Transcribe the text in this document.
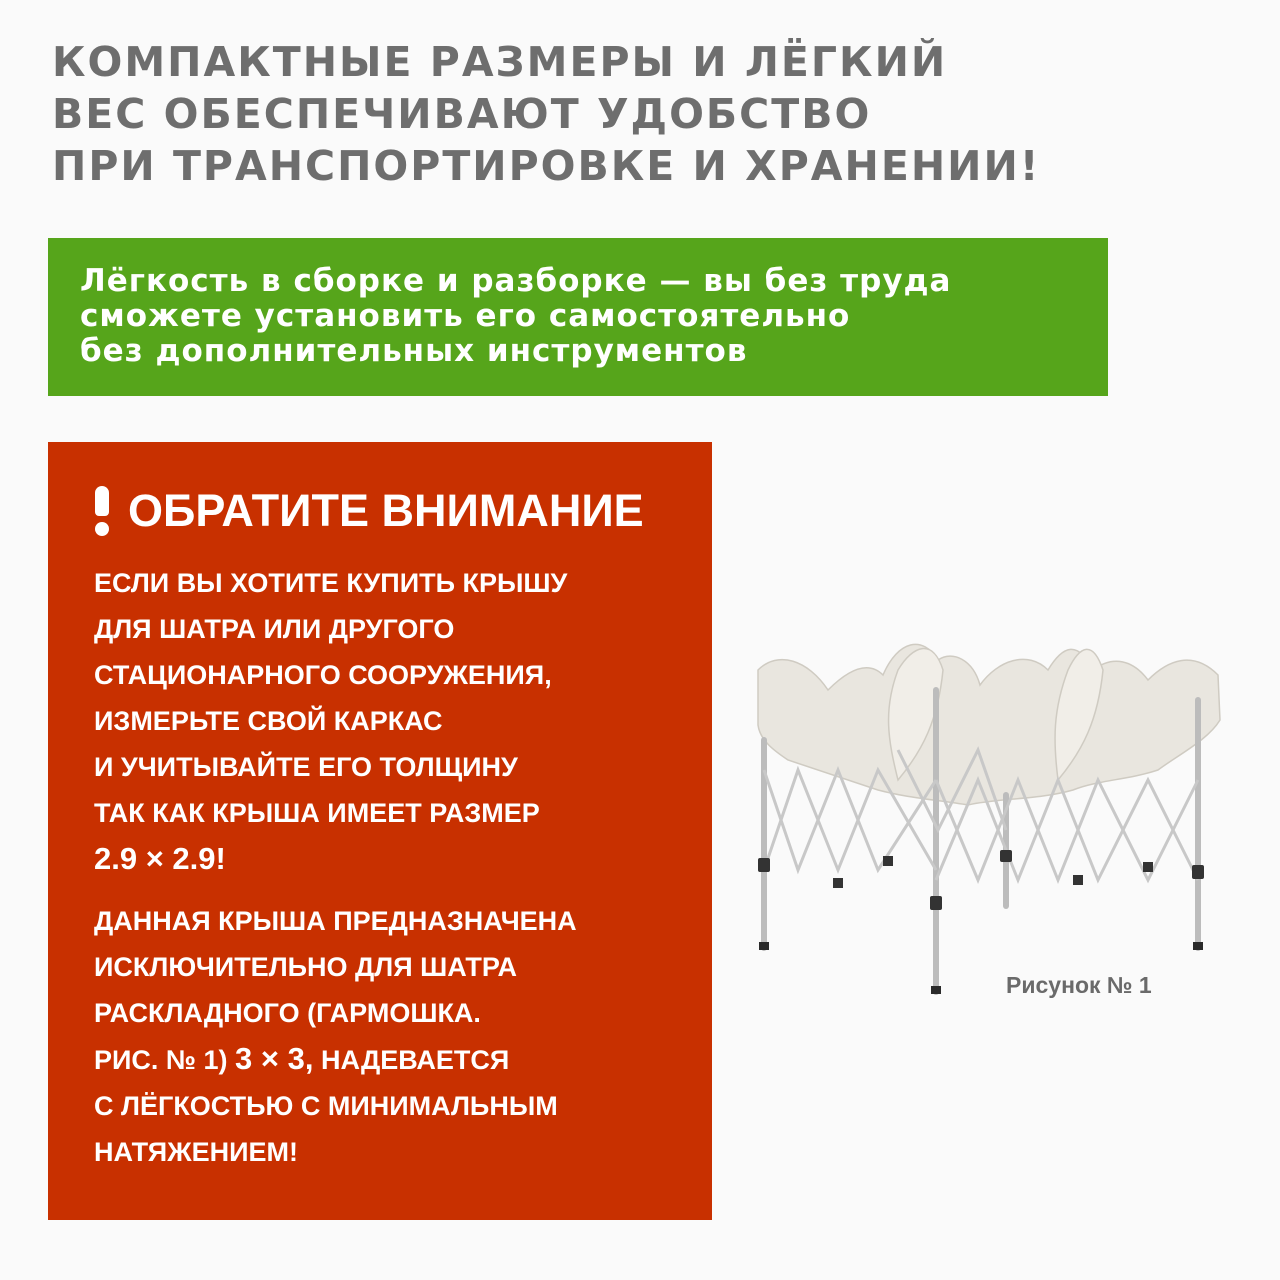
КОМПАКТНЫЕ РАЗМЕРЫ И ЛЁГКИЙ
ВЕС ОБЕСПЕЧИВАЮТ УДОБСТВО
ПРИ ТРАНСПОРТИРОВКЕ И ХРАНЕНИИ!
Лёгкость в сборке и разборке — вы без труда
сможете установить его самостоятельно
без дополнительных инструментов
ОБРАТИТЕ ВНИМАНИЕ
ЕСЛИ ВЫ ХОТИТЕ КУПИТЬ КРЫШУ
ДЛЯ ШАТРА ИЛИ ДРУГОГО
СТАЦИОНАРНОГО СООРУЖЕНИЯ,
ИЗМЕРЬТЕ СВОЙ КАРКАС
И УЧИТЫВАЙТЕ ЕГО ТОЛЩИНУ
ТАК КАК КРЫША ИМЕЕТ РАЗМЕР
2.9 × 2.9!
ДАННАЯ КРЫША ПРЕДНАЗНАЧЕНА
ИСКЛЮЧИТЕЛЬНО ДЛЯ ШАТРА
РАСКЛАДНОГО (ГАРМОШКА.
РИС. № 1) 3 × 3, НАДЕВАЕТСЯ
С ЛЁГКОСТЬЮ С МИНИМАЛЬНЫМ
НАТЯЖЕНИЕМ!
Рисунок № 1
